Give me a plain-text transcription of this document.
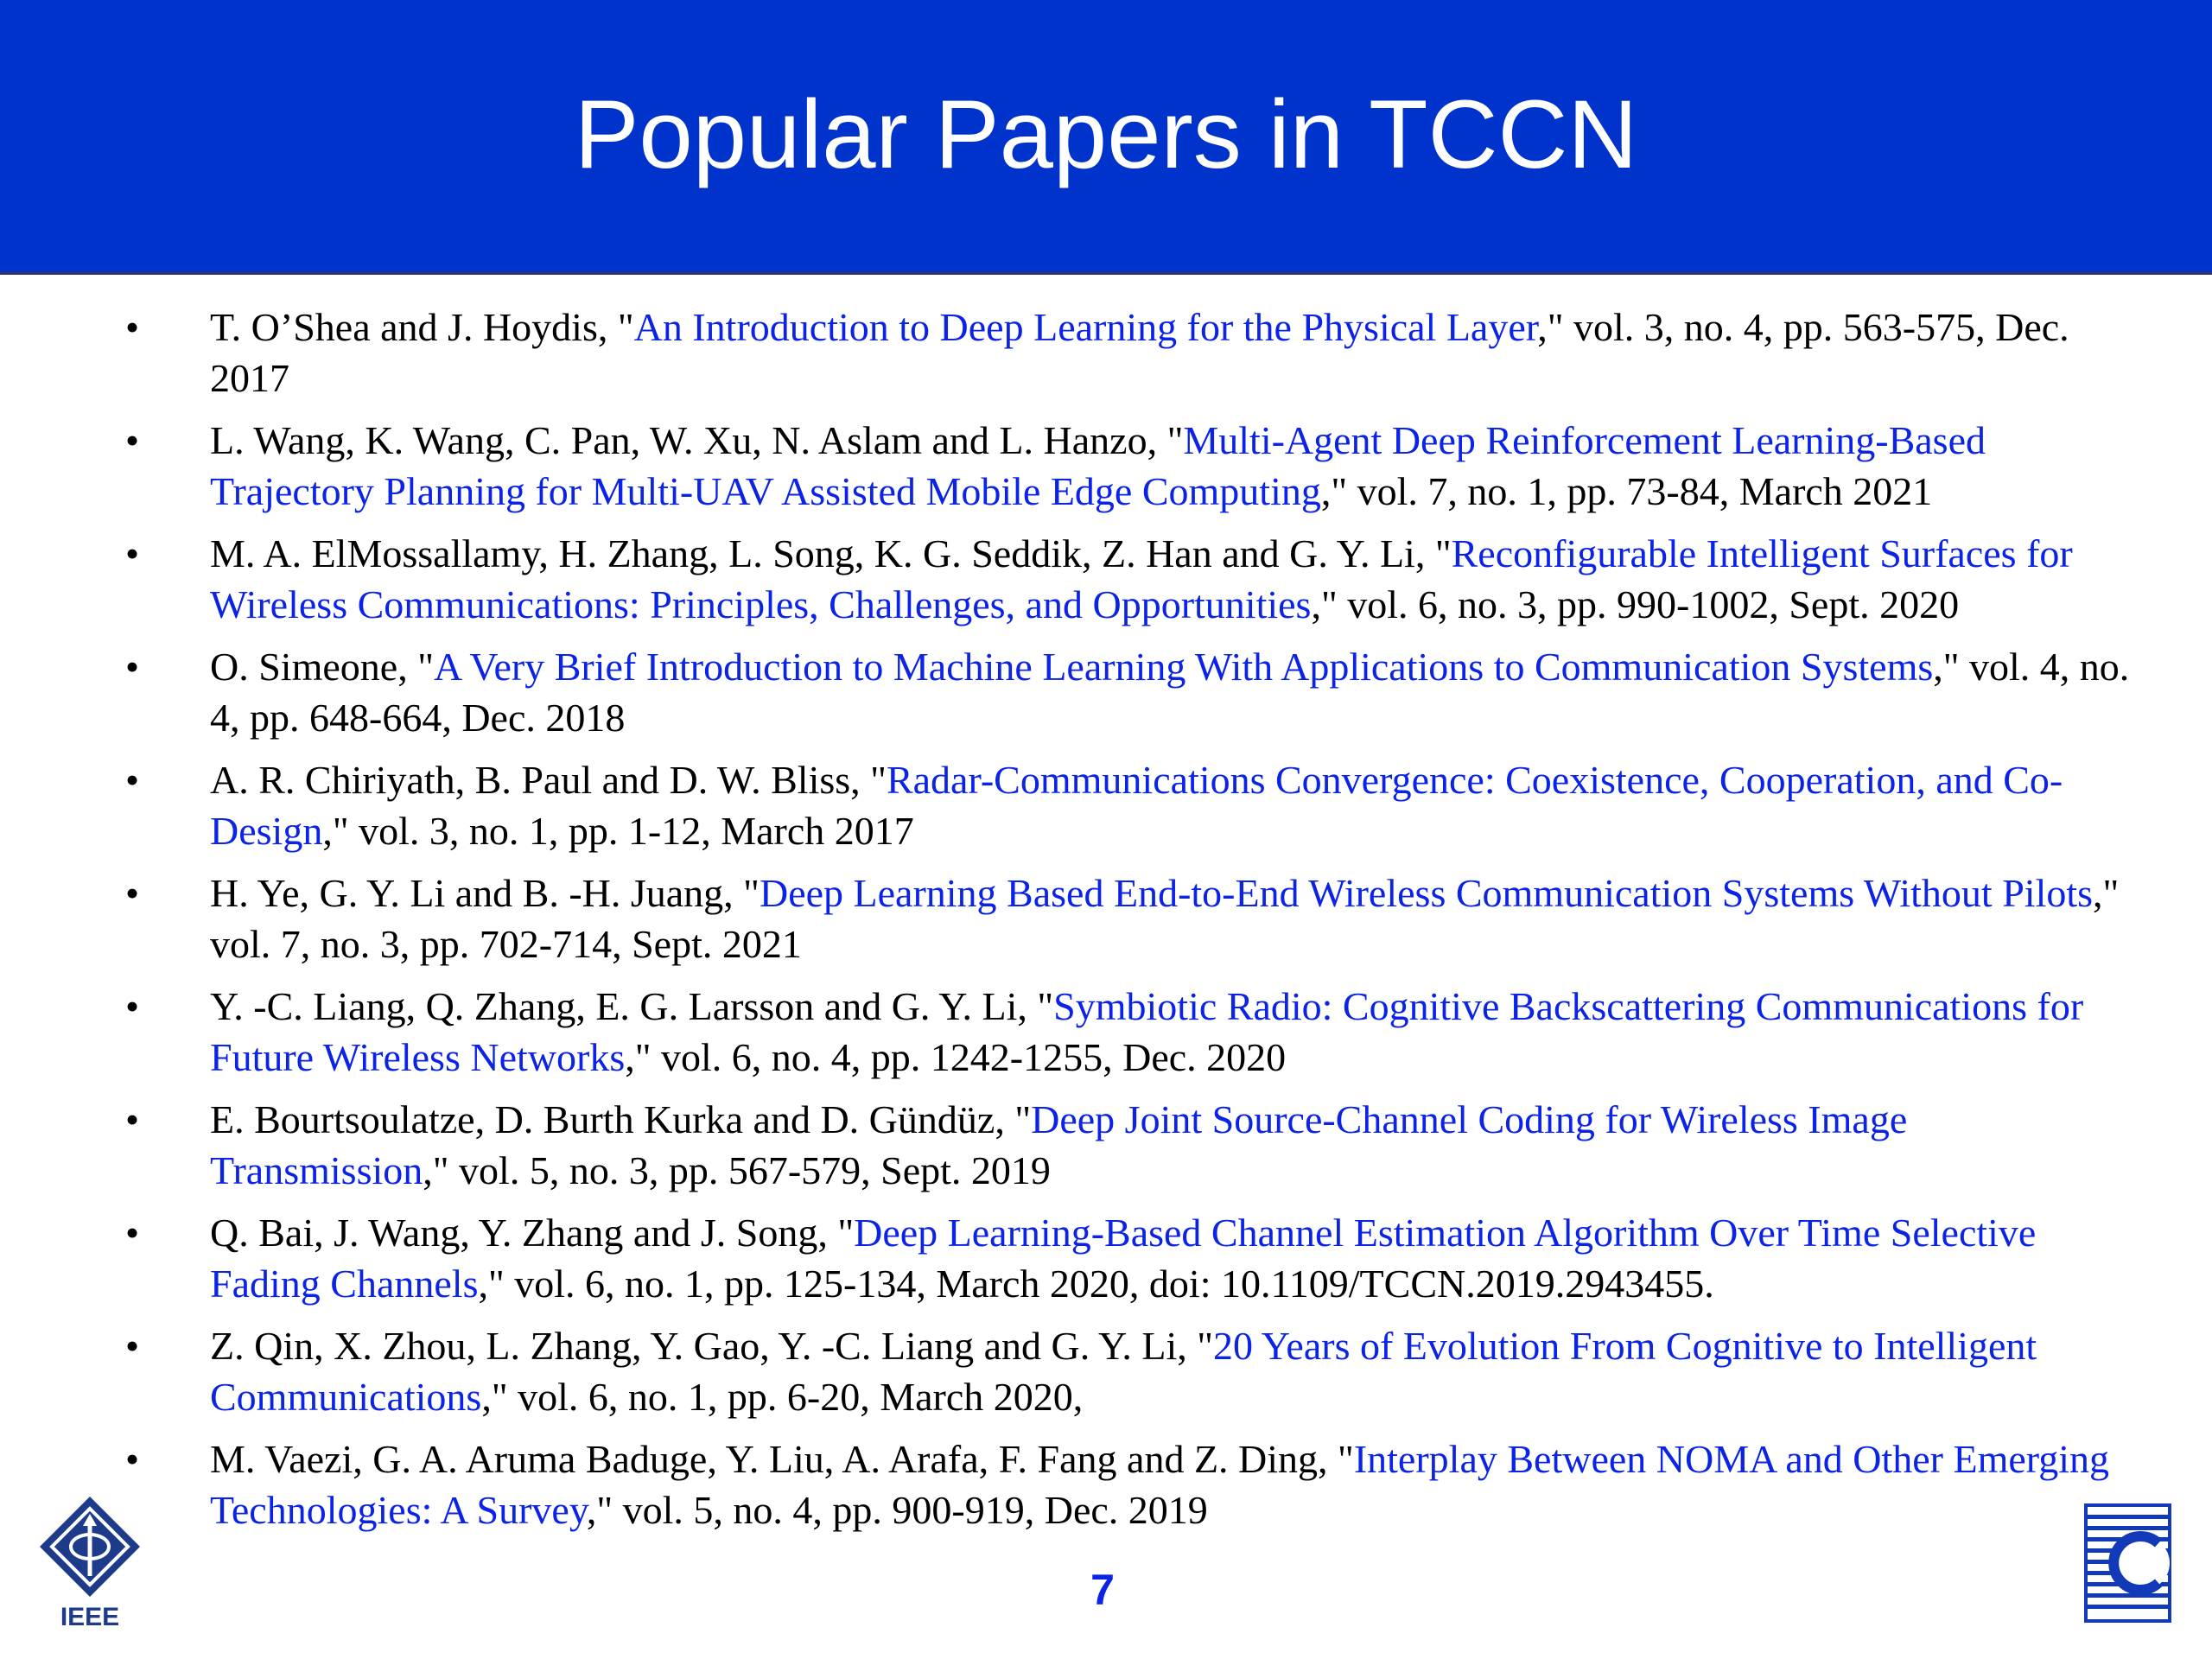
Popular Papers in TCCN
•	T. O’Shea and J. Hoydis, "An Introduction to Deep Learning for the Physical Layer," vol. 3, no. 4, pp. 563-575, Dec. 2017
•	L. Wang, K. Wang, C. Pan, W. Xu, N. Aslam and L. Hanzo, "Multi-Agent Deep Reinforcement Learning-Based Trajectory Planning for Multi-UAV Assisted Mobile Edge Computing," vol. 7, no. 1, pp. 73-84, March 2021
•	M. A. ElMossallamy, H. Zhang, L. Song, K. G. Seddik, Z. Han and G. Y. Li, "Reconfigurable Intelligent Surfaces for Wireless Communications: Principles, Challenges, and Opportunities," vol. 6, no. 3, pp. 990-1002, Sept. 2020
•	O. Simeone, "A Very Brief Introduction to Machine Learning With Applications to Communication Systems," vol. 4, no. 4, pp. 648-664, Dec. 2018
•	A. R. Chiriyath, B. Paul and D. W. Bliss, "Radar-Communications Convergence: Coexistence, Cooperation, and Co-Design," vol. 3, no. 1, pp. 1-12, March 2017
•	H. Ye, G. Y. Li and B. -H. Juang, "Deep Learning Based End-to-End Wireless Communication Systems Without Pilots," vol. 7, no. 3, pp. 702-714, Sept. 2021
•	Y. -C. Liang, Q. Zhang, E. G. Larsson and G. Y. Li, "Symbiotic Radio: Cognitive Backscattering Communications for Future Wireless Networks," vol. 6, no. 4, pp. 1242-1255, Dec. 2020
•	E. Bourtsoulatze, D. Burth Kurka and D. Gündüz, "Deep Joint Source-Channel Coding for Wireless Image Transmission," vol. 5, no. 3, pp. 567-579, Sept. 2019
•	Q. Bai, J. Wang, Y. Zhang and J. Song, "Deep Learning-Based Channel Estimation Algorithm Over Time Selective Fading Channels," vol. 6, no. 1, pp. 125-134, March 2020, doi: 10.1109/TCCN.2019.2943455.
•	Z. Qin, X. Zhou, L. Zhang, Y. Gao, Y. -C. Liang and G. Y. Li, "20 Years of Evolution From Cognitive to Intelligent Communications," vol. 6, no. 1, pp. 6-20, March 2020,
•	M. Vaezi, G. A. Aruma Baduge, Y. Liu, A. Arafa, F. Fang and Z. Ding, "Interplay Between NOMA and Other Emerging Technologies: A Survey," vol. 5, no. 4, pp. 900-919, Dec. 2019
IEEE
7
